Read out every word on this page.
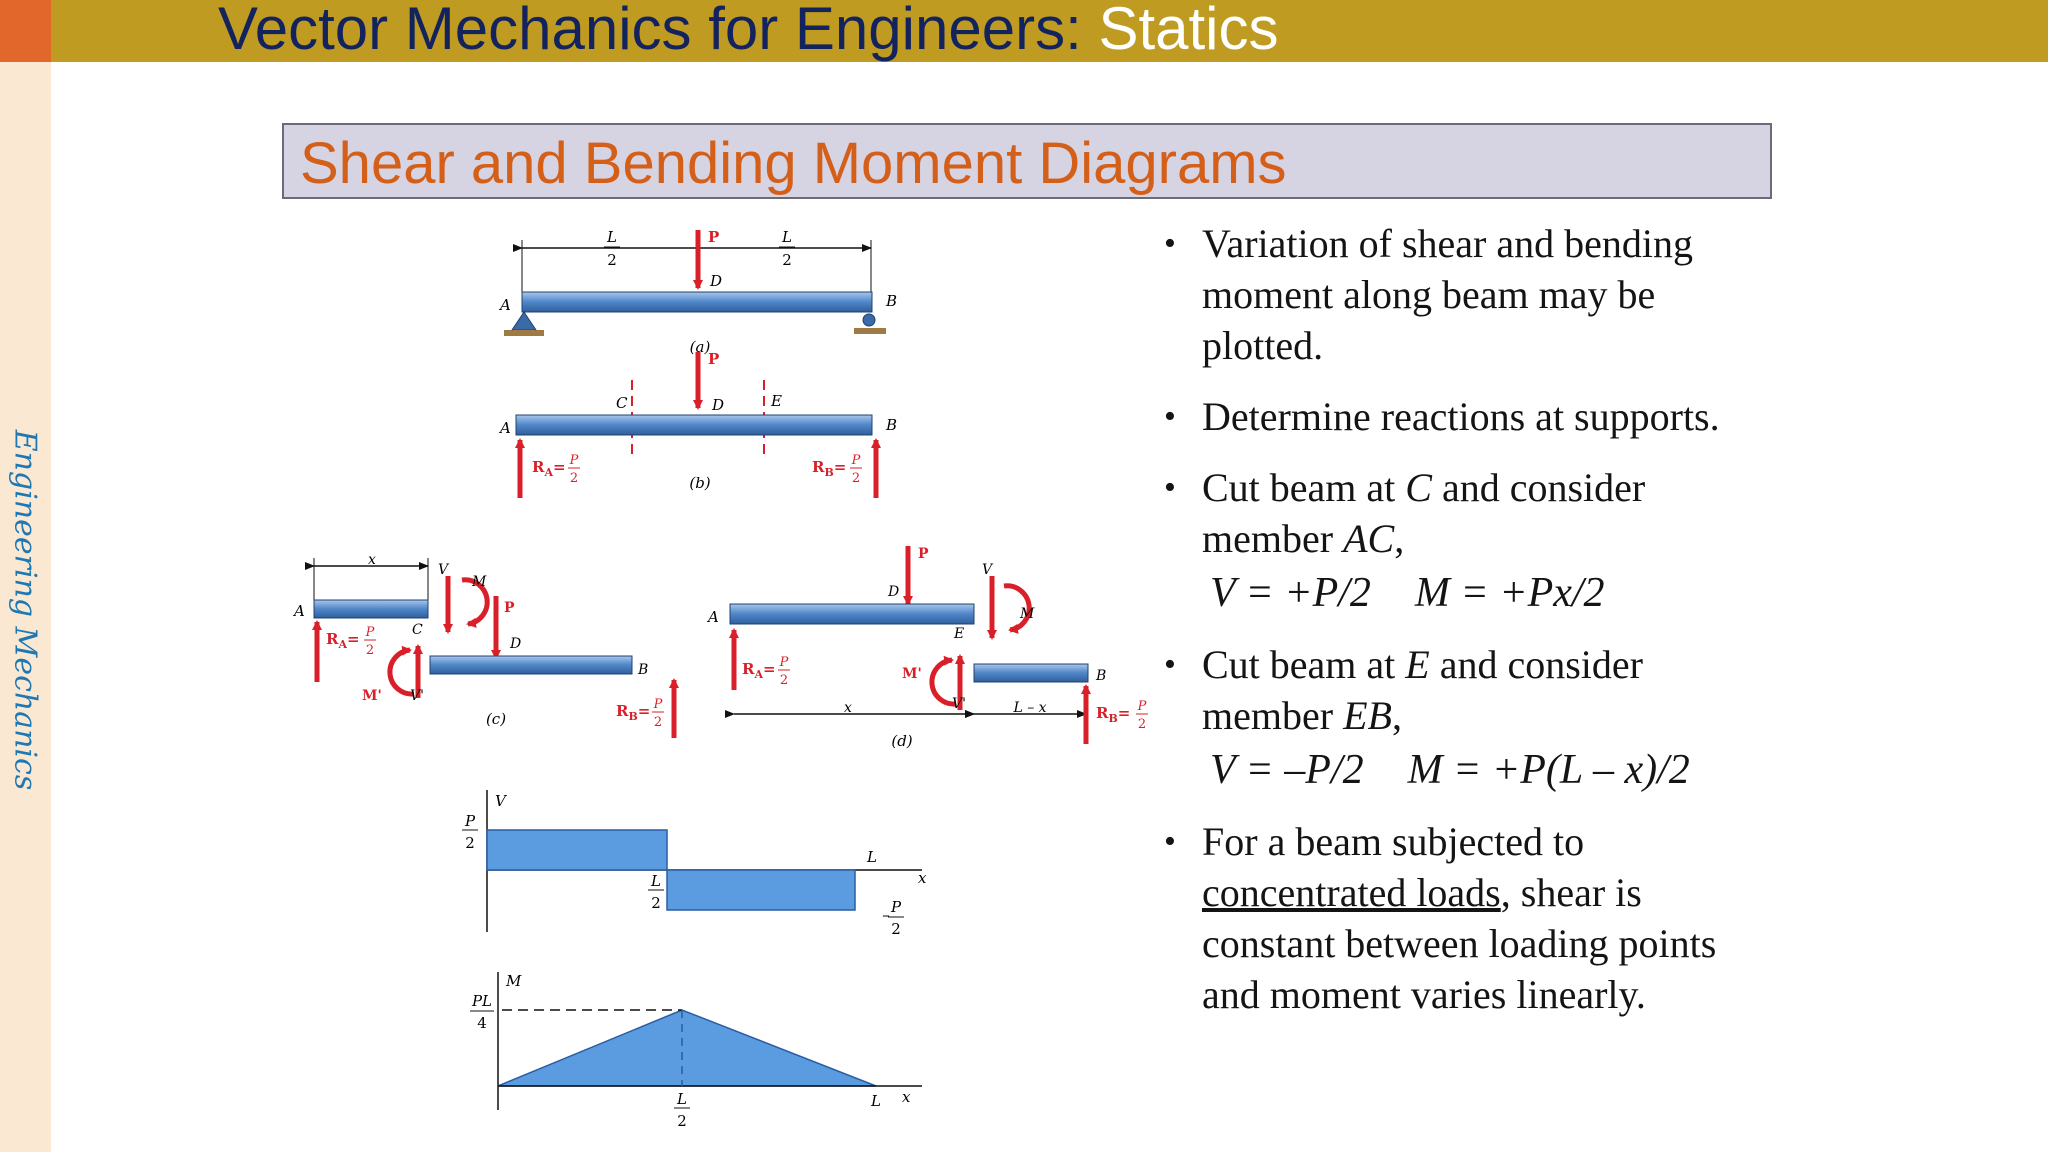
Vector Mechanics for Engineers: Statics
Engineering Mechanics
Shear and Bending Moment Diagrams
L
2
L
2
P
D
A	B
(a)
P
D
C	E
A	B
$R_A= P$
2
$R_B= P$
2
(b)
x
A
C
$R_A= P$
2
V
M
P
D
M' V'
B
$R_B= P$
2
(c)
P
D
A
$R_A= P$
2
V
M
E
M'
V'
B
x	L – x	$R_B= P$
2
(d)
V
P
2
L
2
L
x
– P
2
M
PL
4
L
2
L x
• Variation of shear and bending moment along beam may be plotted.
• Determine reactions at supports.
• Cut beam at C and consider member AC,
V = +P/2 M = +Px/2
• Cut beam at E and consider member EB,
V = –P/2 M = +P(L – x)/2
• For a beam subjected to concentrated loads, shear is constant between loading points and moment varies linearly.
